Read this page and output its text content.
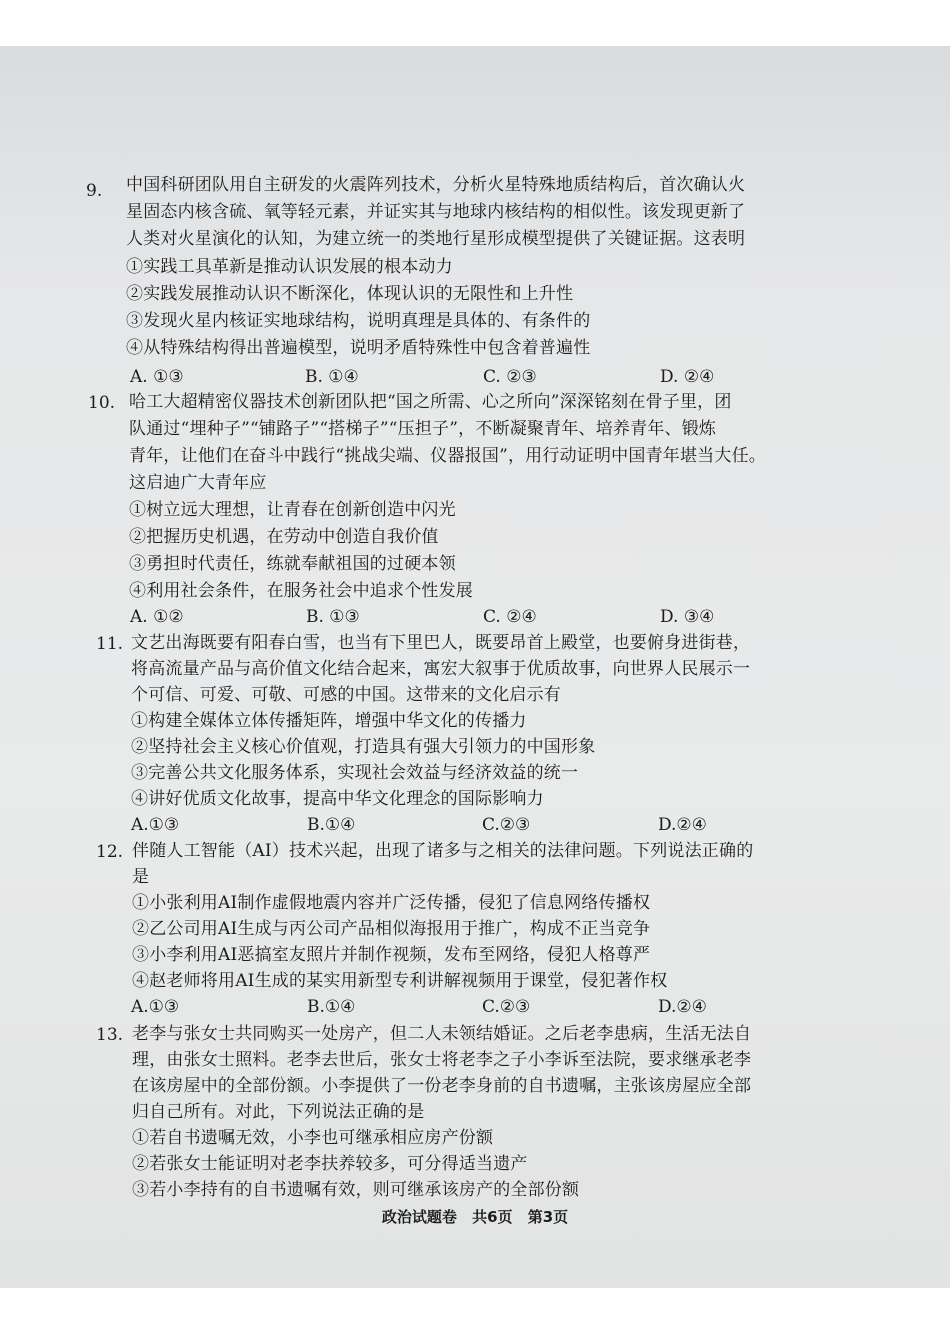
9. 中国科研团队用自主研发的火震阵列技术，分析火星特殊地质结构后，首次确认火
星固态内核含硫、氧等轻元素，并证实其与地球内核结构的相似性。该发现更新了
人类对火星演化的认知，为建立统一的类地行星形成模型提供了关键证据。这表明
①实践工具革新是推动认识发展的根本动力
②实践发展推动认识不断深化，体现认识的无限性和上升性
③发现火星内核证实地球结构，说明真理是具体的、有条件的
④从特殊结构得出普遍模型，说明矛盾特殊性中包含着普遍性
A. ①③	B. ①④	C. ②③	D. ②④
10. 哈工大超精密仪器技术创新团队把“国之所需、心之所向”深深铭刻在骨子里，团
队通过“埋种子”“铺路子”“搭梯子”“压担子”，不断凝聚青年、培养青年、锻炼
青年，让他们在奋斗中践行“挑战尖端、仪器报国”，用行动证明中国青年堪当大任。
这启迪广大青年应
①树立远大理想，让青春在创新创造中闪光
②把握历史机遇，在劳动中创造自我价值
③勇担时代责任，练就奉献祖国的过硬本领
④利用社会条件，在服务社会中追求个性发展
A. ①②	B. ①③	C. ②④	D. ③④
11. 文艺出海既要有阳春白雪，也当有下里巴人，既要昂首上殿堂，也要俯身进街巷，
将高流量产品与高价值文化结合起来，寓宏大叙事于优质故事，向世界人民展示一
个可信、可爱、可敬、可感的中国。这带来的文化启示有
①构建全媒体立体传播矩阵，增强中华文化的传播力
②坚持社会主义核心价值观，打造具有强大引领力的中国形象
③完善公共文化服务体系，实现社会效益与经济效益的统一
④讲好优质文化故事，提高中华文化理念的国际影响力
A.①③	B.①④	C.②③	D.②④
12. 伴随人工智能（AI）技术兴起，出现了诸多与之相关的法律问题。下列说法正确的
是
①小张利用AI制作虚假地震内容并广泛传播，侵犯了信息网络传播权
②乙公司用AI生成与丙公司产品相似海报用于推广，构成不正当竞争
③小李利用AI恶搞室友照片并制作视频，发布至网络，侵犯人格尊严
④赵老师将用AI生成的某实用新型专利讲解视频用于课堂，侵犯著作权
A.①③	B.①④	C.②③	D.②④
13. 老李与张女士共同购买一处房产，但二人未领结婚证。之后老李患病，生活无法自
理，由张女士照料。老李去世后，张女士将老李之子小李诉至法院，要求继承老李
在该房屋中的全部份额。小李提供了一份老李身前的自书遗嘱，主张该房屋应全部
归自己所有。对此，下列说法正确的是
①若自书遗嘱无效，小李也可继承相应房产份额
②若张女士能证明对老李扶养较多，可分得适当遗产
③若小李持有的自书遗嘱有效，则可继承该房产的全部份额
政治试题卷 共6页 第3页
